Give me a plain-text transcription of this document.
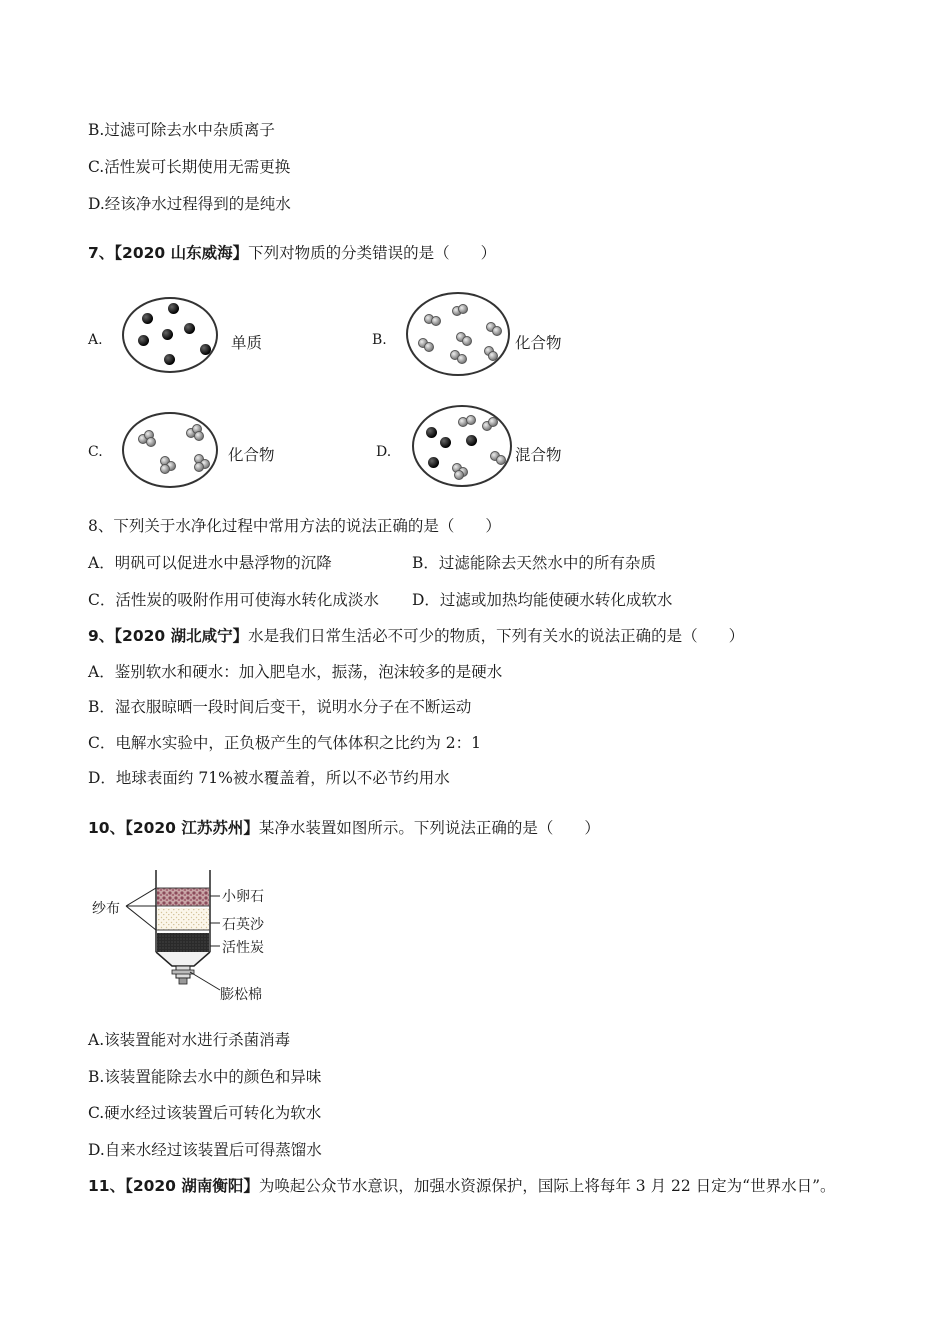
B.过滤可除去水中杂质离子
C.活性炭可长期使用无需更换
D.经该净水过程得到的是纯水
7、【2020 山东威海】下列对物质的分类错误的是（　　）
A.	单质	B.	化合物
C.	化合物	D.	混合物
8、下列关于水净化过程中常用方法的说法正确的是（　　）
A．明矾可以促进水中悬浮物的沉降	B．过滤能除去天然水中的所有杂质
C．活性炭的吸附作用可使海水转化成淡水 D．过滤或加热均能使硬水转化成软水
9、【2020 湖北咸宁】水是我们日常生活必不可少的物质，下列有关水的说法正确的是（　　）
A．鉴别软水和硬水：加入肥皂水，振荡，泡沫较多的是硬水
B．湿衣服晾晒一段时间后变干，说明水分子在不断运动
C．电解水实验中，正负极产生的气体体积之比约为 2：1
D．地球表面约 71%被水覆盖着，所以不必节约用水
10、【2020 江苏苏州】某净水装置如图所示。下列说法正确的是（　　）
纱布
小卵石
石英沙
活性炭
膨松棉
A.该装置能对水进行杀菌消毒
B.该装置能除去水中的颜色和异味
C.硬水经过该装置后可转化为软水
D.自来水经过该装置后可得蒸馏水
11、【2020 湖南衡阳】为唤起公众节水意识，加强水资源保护，国际上将每年 3 月 22 日定为“世界水日”。
